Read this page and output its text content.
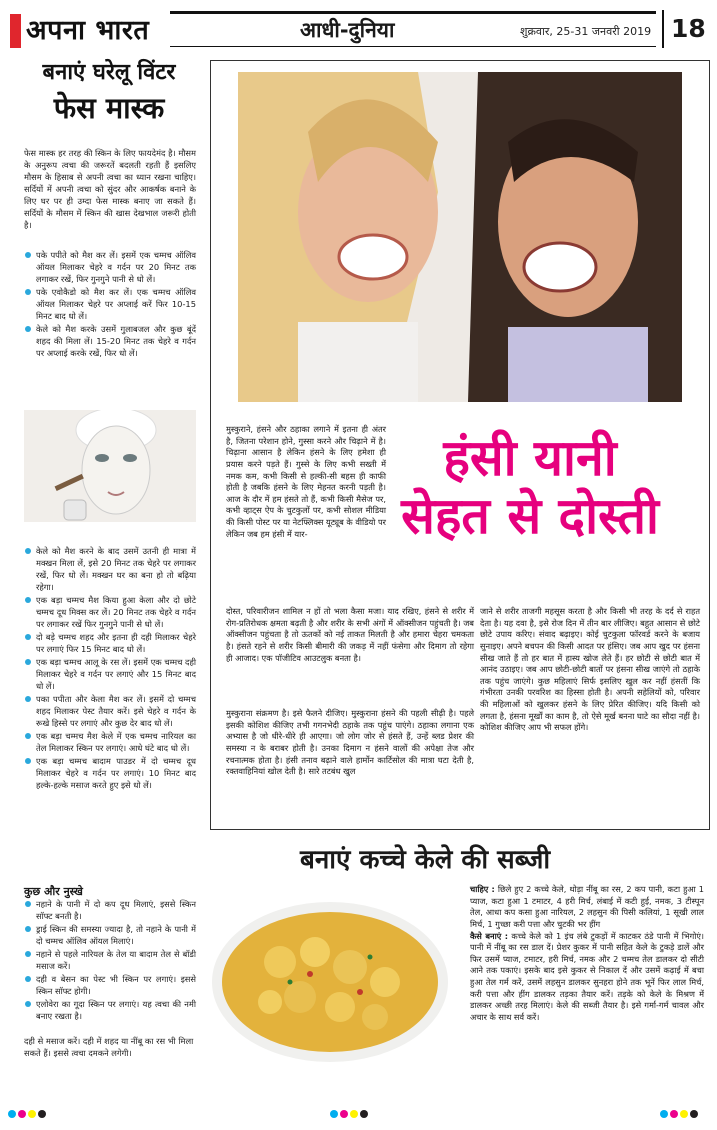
अपना भारत	आधी-दुनिया	शुक्रवार, 25-31 जनवरी 2019 18
बनाएं घरेलू विंटर
फेस मास्क

फेस मास्क हर तरह की स्किन के लिए फायदेमंद है। मौसम के अनुरूप त्वचा की जरूरतें बदलती रहती हैं इसलिए मौसम के हिसाब से अपनी त्वचा का ध्यान रखना चाहिए। सर्दियों में अपनी त्वचा को सुंदर और आकर्षक बनाने के लिए घर पर ही उम्दा फेस मास्क बनाए जा सकते हैं। सर्दियों के मौसम में स्किन की खास देखभाल जरूरी होती है।

पके पपीते को मैश कर लें। इसमें एक चम्मच ऑलिव ऑयल मिलाकर चेहरे व गर्दन पर 20 मिनट तक लगाकर रखें, फिर गुनगुने पानी से धो लें।
पके एवोकैडो को मैश कर लें। एक चम्मच ऑलिव ऑयल मिलाकर चेहरे पर अप्लाई करें फिर 10-15 मिनट बाद धो लें।
केले को मैश करके उसमें गुलाबजल और कुछ बूंदें शहद की मिला लें। 15-20 मिनट तक चेहरे व गर्दन पर अप्लाई करके रखें, फिर धो लें।
केले को मैश करने के बाद उसमें उतनी ही मात्रा में मक्खन मिला लें, इसे 20 मिनट तक चेहरे पर लगाकर रखें, फिर धो लें। मक्खन घर का बना हो तो बढ़िया रहेगा।
एक बड़ा चम्मच मैश किया हुआ केला और दो छोटे चम्मच दूध मिक्स कर लें। 20 मिनट तक चेहरे व गर्दन पर लगाकर रखें फिर गुनगुने पानी से धो लें।
दो बड़े चम्मच शहद और इतना ही दही मिलाकर चेहरे पर लगाएं फिर 15 मिनट बाद धो लें।
एक बड़ा चम्मच आलू के रस लें। इसमें एक चम्मच दही मिलाकर चेहरे व गर्दन पर लगाएं और 15 मिनट बाद धो लें।
पका पपीता और केला मैश कर लें। इसमें दो चम्मच शहद मिलाकर पेस्ट तैयार करें। इसे चेहरे व गर्दन के रूखे हिस्से पर लगाएं और कुछ देर बाद धो लें।
एक बड़ा चम्मच मैश केले में एक चम्मच नारियल का तेल मिलाकर स्किन पर लगाएं। आधे घंटे बाद धो लें।
एक बड़ा चम्मच बादाम पाउडर में दो चम्मच दूध मिलाकर चेहरे व गर्दन पर लगाएं। 10 मिनट बाद हल्के-हल्के मसाज करते हुए इसे धो लें।
कुछ और नुस्खे
नहाने के पानी में दो कप दूध मिलाएं, इससे स्किन सॉफ्ट बनती है।
ड्राई स्किन की समस्या ज्यादा है, तो नहाने के पानी में दो चम्मच ऑलिव ऑयल मिलाएं।
नहाने से पहले नारियल के तेल या बादाम तेल से बॉडी मसाज करें।
दही व बेसन का पेस्ट भी स्किन पर लगाएं। इससे स्किन सॉफ्ट होगी।
एलोवेरा का गूदा स्किन पर लगाएं। यह त्वचा की नमी बनाए रखता है।

दही से मसाज करें। दही में शहद या नींबू का रस भी मिला सकते हैं। इससे त्वचा दमकने लगेगी।

मुस्कुराने, हंसने और ठहाका लगाने में इतना ही अंतर है, जितना परेशान होने, गुस्सा करने और चिढ़ाने में है। चिढ़ाना आसान है लेकिन हंसने के लिए हमेशा ही प्रयास करने पड़ते हैं। गुस्से के लिए कभी सख्ती में नमक कम, कभी किसी से हल्की-सी बहस ही काफी होती है जबकि हंसने के लिए मेहनत करनी पड़ती है। आज के दौर में हम हंसते तो हैं, कभी किसी मैसेज पर, कभी व्हाट्स ऐप के चुटकुलों पर, कभी सोशल मीडिया की किसी पोस्ट पर या नेटफ्लिक्स यूट्यूब के वीडियो पर लेकिन जब हम हंसी में यार-

हंसी यानी
सेहत से दोस्ती

दोस्त, परिवारीजन शामिल न हों तो भला कैसा मजा। याद रखिए, हंसने से शरीर में रोग-प्रतिरोधक क्षमता बढ़ती है और शरीर के सभी अंगों में ऑक्सीजन पहुंचती है। जब ऑक्सीजन पहुंचता है तो ऊतकों को नई ताकत मिलती है और हमारा चेहरा चमकता है। हंसते रहने से शरीर किसी बीमारी की जकड़ में नहीं फंसेगा और दिमाग तो रहेगा ही आजाद। एक पॉजीटिव आउटलुक बनता है।

मुस्कुराना संक्रमण है। इसे फैलने दीजिए। मुस्कुराना हंसने की पहली सीढ़ी है। पहले इसकी कोशिश कीजिए तभी गगनभेदी ठहाके तक पहुंच पाएंगे। ठहाका लगाना एक अभ्यास है जो धीरे-धीरे ही आएगा। जो लोग जोर से हंसते हैं, उन्हें ब्लड प्रेशर की समस्या न के बराबर होती है। उनका दिमाग न हंसने वालों की अपेक्षा तेज और रचनात्मक होता है। हंसी तनाव बढ़ाने वाले हार्मोन कार्टिसोल की मात्रा घटा देती है, रक्तवाहिनियां खोल देती है। सारे तटबंध खुल

जाने से शरीर ताजगी महसूस करता है और किसी भी तरह के दर्द से राहत देता है। यह दवा है, इसे रोज दिन में तीन बार लीजिए। बहुत आसान से छोटे छोटे उपाय करिए। संवाद बढ़ाइए। कोई चुटकुला फॉरवर्ड करने के बजाय सुनाइए। अपने बचपन की किसी आदत पर हंसिए। जब आप खुद पर हंसना सीख जाते हैं तो हर बात में हास्य खोज लेते हैं। हर छोटी से छोटी बात में आनंद उठाइए। जब आप छोटी-छोटी बातों पर हंसना सीख जाएंगे तो ठहाके तक पहुंच जाएंगे। कुछ महिलाएं सिर्फ इसलिए खुल कर नहीं हंसतीं कि गंभीरता उनकी परवरिश का हिस्सा होती है। अपनी सहेलियों को, परिवार की महिलाओं को खुलकर हंसने के लिए प्रेरित कीजिए। यदि किसी को लगता है, हंसना मूर्खों का काम है, तो ऐसे मूर्ख बनना घाटे का सौदा नहीं है। कोशिश कीजिए आप भी सफल होंगे।

बनाएं कच्चे केले की सब्जी

चाहिए : छिले हुए 2 कच्चे केले, थोड़ा नींबू का रस, 2 कप पानी, कटा हुआ 1 प्याज, कटा हुआ 1 टमाटर, 4 हरी मिर्च, लंबाई में कटी हुई, नमक, 3 टीस्पून तेल, आधा कप कसा हुआ नारियल, 2 लहसुन की पिसी कलियां, 1 सूखी लाल मिर्च, 1 गुच्छा करी पत्ता और चुटकी भर हींग
कैसे बनाएं : कच्चे केले को 1 इंच लंबे टुकड़ों में काटकर ठंडे पानी में भिगोएं। पानी में नींबू का रस डाल दें। प्रेशर कुकर में पानी सहित केले के टुकड़े डालें और फिर उसमें प्याज, टमाटर, हरी मिर्च, नमक और 2 चम्मच तेल डालकर दो सीटी आने तक पकाएं। इसके बाद इसे कुकर से निकाल दें और उसमें कढ़ाई में बचा हुआ तेल गर्म करें, उसमें लहसुन डालकर सुनहरा होने तक भूनें फिर लाल मिर्च, करी पत्ता और हींग डालकर तड़का तैयार करें। तड़के को केले के मिश्रण में डालकर अच्छी तरह मिलाएं। केले की सब्जी तैयार है। इसे गर्मा-गर्म चावल और अचार के साथ सर्व करें।
